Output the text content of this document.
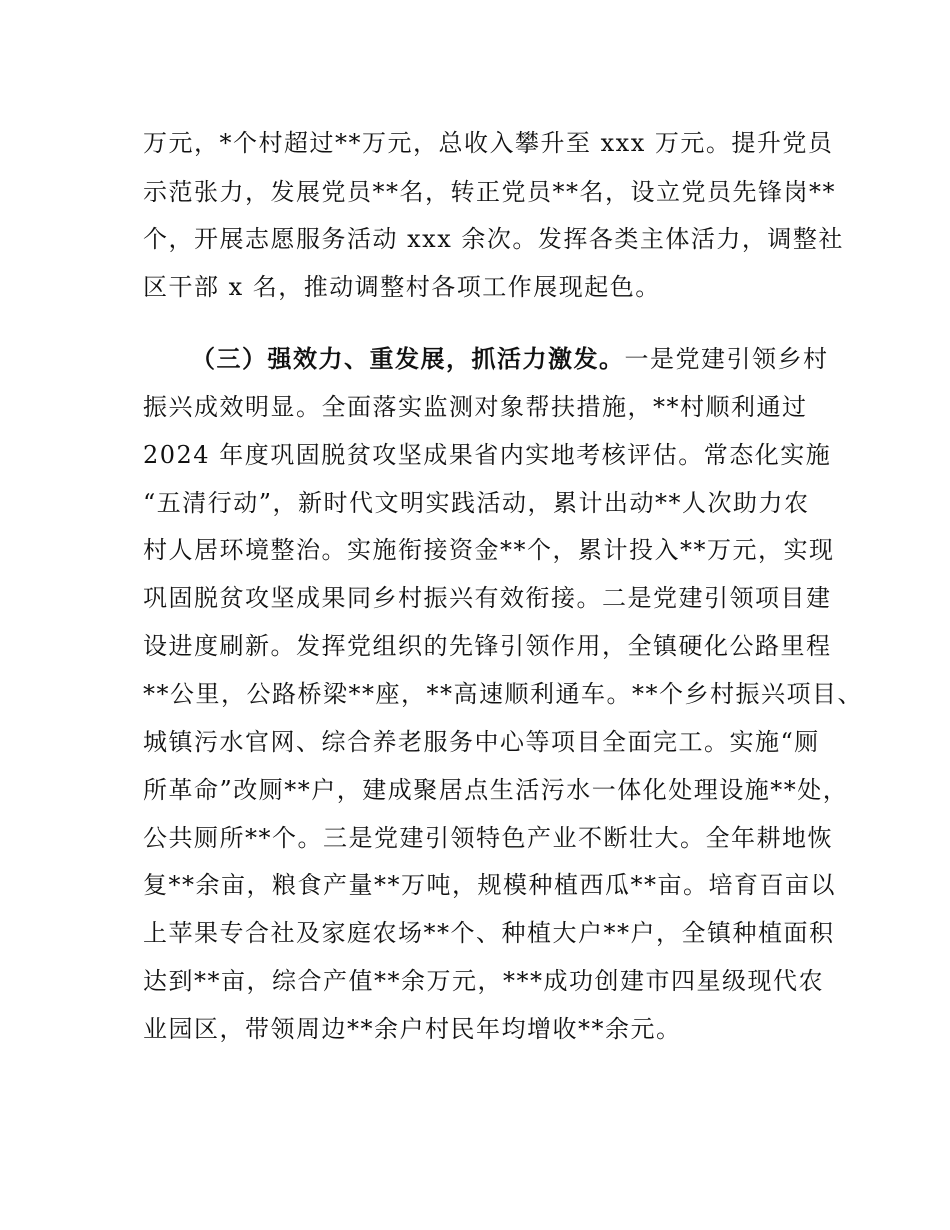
万元，*个村超过**万元，总收入攀升至 xxx 万元。提升党员
示范张力，发展党员**名，转正党员**名，设立党员先锋岗**
个，开展志愿服务活动 xxx 余次。发挥各类主体活力，调整社
区干部 x 名，推动调整村各项工作展现起色。
（三）强效力、重发展，抓活力激发。一是党建引领乡村
振兴成效明显。全面落实监测对象帮扶措施，**村顺利通过
2024 年度巩固脱贫攻坚成果省内实地考核评估。常态化实施
“五清行动”，新时代文明实践活动，累计出动**人次助力农
村人居环境整治。实施衔接资金**个，累计投入**万元，实现
巩固脱贫攻坚成果同乡村振兴有效衔接。二是党建引领项目建
设进度刷新。发挥党组织的先锋引领作用，全镇硬化公路里程
**公里，公路桥梁**座，**高速顺利通车。**个乡村振兴项目、
城镇污水官网、综合养老服务中心等项目全面完工。实施“厕
所革命”改厕**户，建成聚居点生活污水一体化处理设施**处，
公共厕所**个。三是党建引领特色产业不断壮大。全年耕地恢
复**余亩，粮食产量**万吨，规模种植西瓜**亩。培育百亩以
上苹果专合社及家庭农场**个、种植大户**户，全镇种植面积
达到**亩，综合产值**余万元，***成功创建市四星级现代农
业园区，带领周边**余户村民年均增收**余元。
